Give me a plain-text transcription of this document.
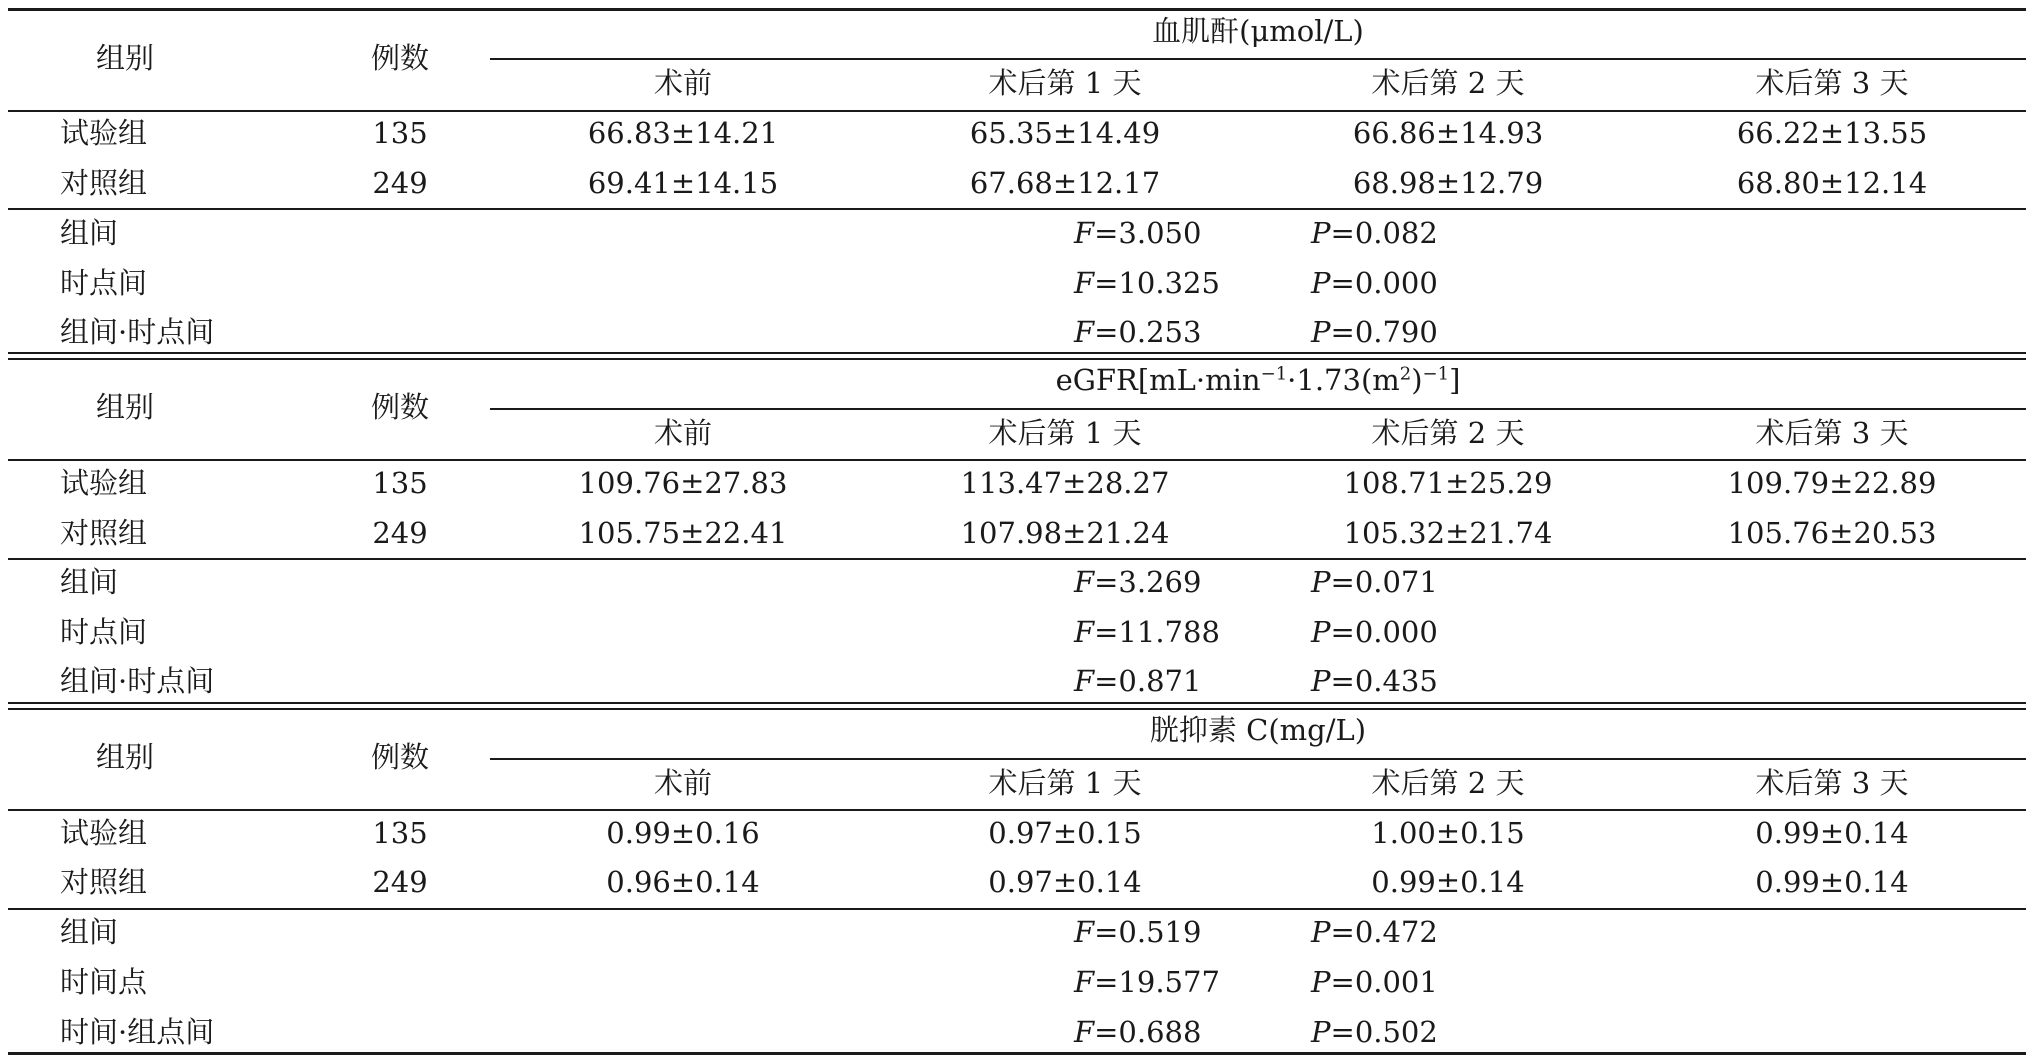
血肌酐(μmol/L)
组别	例数
术前	术后第 1 天	术后第 2 天	术后第 3 天
试验组	135	66.83±14.21	65.35±14.49	66.86±14.93	66.22±13.55
对照组	249	69.41±14.15	67.68±12.17	68.98±12.79	68.80±12.14
组间	F=3.050	P=0.082
时点间	F=10.325	P=0.000
组间·时点间	F=0.253	P=0.790
$eGFR[mL\cdot\min^{-1}\cdot 1.73(m^2)^{-1}]$
组别	例数
术前	术后第 1 天	术后第 2 天	术后第 3 天
试验组	135	109.76±27.83	113.47±28.27	108.71±25.29	109.79±22.89
对照组	249	105.75±22.41	107.98±21.24	105.32±21.74	105.76±20.53
组间	F=3.269	P=0.071
时点间	F=11.788	P=0.000
组间·时点间	F=0.871	P=0.435
胱抑素 C(mg/L)
组别	例数
术前	术后第 1 天	术后第 2 天	术后第 3 天
试验组	135	0.99±0.16	0.97±0.15	1.00±0.15	0.99±0.14
对照组	249	0.96±0.14	0.97±0.14	0.99±0.14	0.99±0.14
组间	F=0.519	P=0.472
时间点	F=19.577	P=0.001
时间·组点间	F=0.688	P=0.502
